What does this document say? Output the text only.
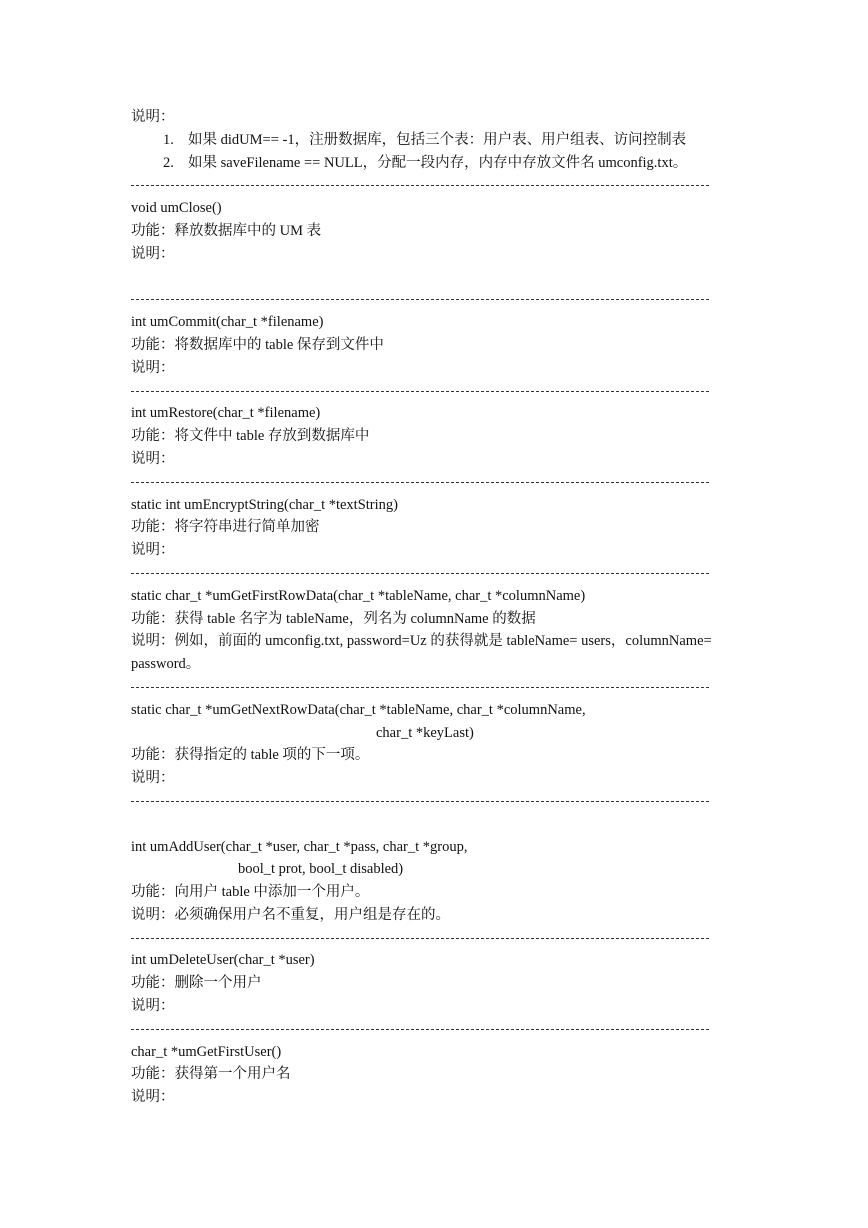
说明：
1. 如果 didUM== -1，注册数据库，包括三个表：用户表、用户组表、访问控制表
2. 如果 saveFilename == NULL，分配一段内存，内存中存放文件名 umconfig.txt。
void umClose()
功能：释放数据库中的 UM 表
说明：
int umCommit(char_t *filename)
功能：将数据库中的 table 保存到文件中
说明：
int umRestore(char_t *filename)
功能：将文件中 table 存放到数据库中
说明：
static int umEncryptString(char_t *textString)
功能：将字符串进行简单加密
说明：
static char_t *umGetFirstRowData(char_t *tableName, char_t *columnName)
功能：获得 table 名字为 tableName，列名为 columnName 的数据
说明：例如，前面的 umconfig.txt, password=Uz 的获得就是 tableName= users，columnName=
password。
static char_t *umGetNextRowData(char_t *tableName, char_t *columnName,
char_t *keyLast)
功能：获得指定的 table 项的下一项。
说明：
int umAddUser(char_t *user, char_t *pass, char_t *group,
bool_t prot, bool_t disabled)
功能：向用户 table 中添加一个用户。
说明：必须确保用户名不重复，用户组是存在的。
int umDeleteUser(char_t *user)
功能：删除一个用户
说明：
char_t *umGetFirstUser()
功能：获得第一个用户名
说明：
